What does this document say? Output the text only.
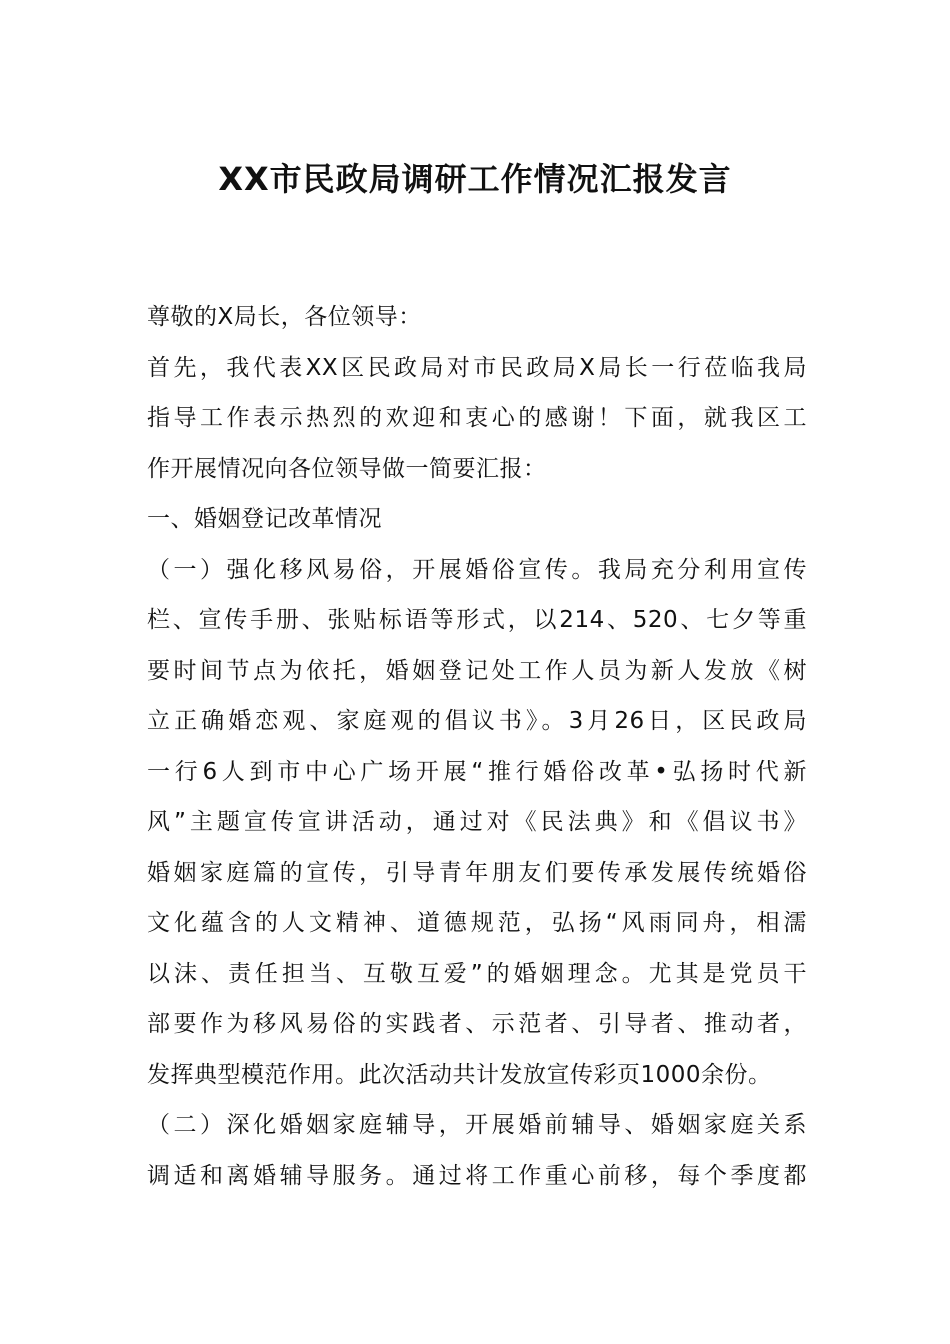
XX市民政局调研工作情况汇报发言
尊敬的X局长，各位领导：
首先，我代表XX区民政局对市民政局X局长一行莅临我局
指导工作表示热烈的欢迎和衷心的感谢！下面，就我区工
作开展情况向各位领导做一简要汇报：
一、婚姻登记改革情况
（一）强化移风易俗，开展婚俗宣传。我局充分利用宣传
栏、宣传手册、张贴标语等形式，以214、520、七夕等重
要时间节点为依托，婚姻登记处工作人员为新人发放《树
立正确婚恋观、家庭观的倡议书》。3月26日，区民政局
一行6人到市中心广场开展“推行婚俗改革•弘扬时代新
风”主题宣传宣讲活动，通过对《民法典》和《倡议书》
婚姻家庭篇的宣传，引导青年朋友们要传承发展传统婚俗
文化蕴含的人文精神、道德规范，弘扬“风雨同舟，相濡
以沫、责任担当、互敬互爱”的婚姻理念。尤其是党员干
部要作为移风易俗的实践者、示范者、引导者、推动者，
发挥典型模范作用。此次活动共计发放宣传彩页1000余份。
（二）深化婚姻家庭辅导，开展婚前辅导、婚姻家庭关系
调适和离婚辅导服务。通过将工作重心前移，每个季度都
